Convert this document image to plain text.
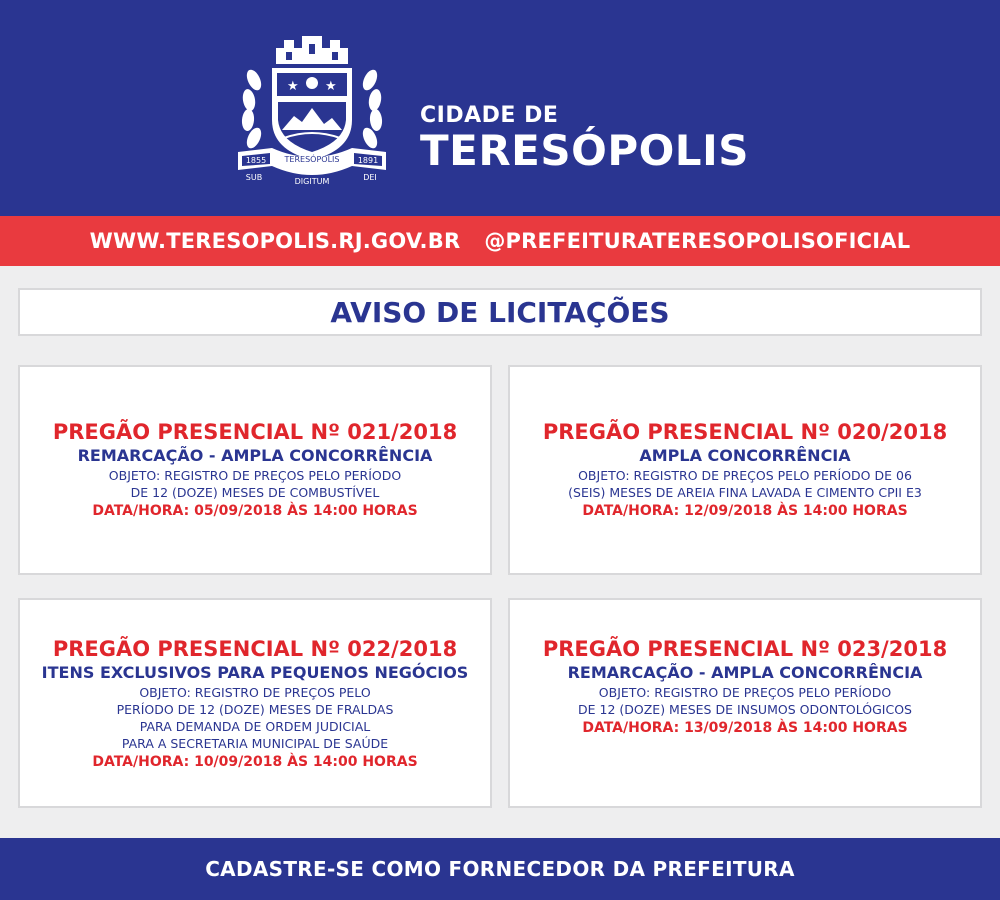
★ ★
1855	1891
TERESÓPOLIS
SUB	DIGITUM	DEI
CIDADE DE
TERESÓPOLIS
WWW.TERESOPOLIS.RJ.GOV.BR @PREFEITURATERESOPOLISOFICIAL
AVISO DE LICITAÇÕES
PREGÃO PRESENCIAL Nº 021/2018
REMARCAÇÃO - AMPLA CONCORRÊNCIA
OBJETO: REGISTRO DE PREÇOS PELO PERÍODO
DE 12 (DOZE) MESES DE COMBUSTÍVEL
DATA/HORA: 05/09/2018 ÀS 14:00 HORAS
PREGÃO PRESENCIAL Nº 020/2018
AMPLA CONCORRÊNCIA
OBJETO: REGISTRO DE PREÇOS PELO PERÍODO DE 06
(SEIS) MESES DE AREIA FINA LAVADA E CIMENTO CPII E3
DATA/HORA: 12/09/2018 ÀS 14:00 HORAS
PREGÃO PRESENCIAL Nº 022/2018
ITENS EXCLUSIVOS PARA PEQUENOS NEGÓCIOS
OBJETO: REGISTRO DE PREÇOS PELO
PERÍODO DE 12 (DOZE) MESES DE FRALDAS
PARA DEMANDA DE ORDEM JUDICIAL
PARA A SECRETARIA MUNICIPAL DE SAÚDE
DATA/HORA: 10/09/2018 ÀS 14:00 HORAS
PREGÃO PRESENCIAL Nº 023/2018
REMARCAÇÃO - AMPLA CONCORRÊNCIA
OBJETO: REGISTRO DE PREÇOS PELO PERÍODO
DE 12 (DOZE) MESES DE INSUMOS ODONTOLÓGICOS
DATA/HORA: 13/09/2018 ÀS 14:00 HORAS
CADASTRE-SE COMO FORNECEDOR DA PREFEITURA
